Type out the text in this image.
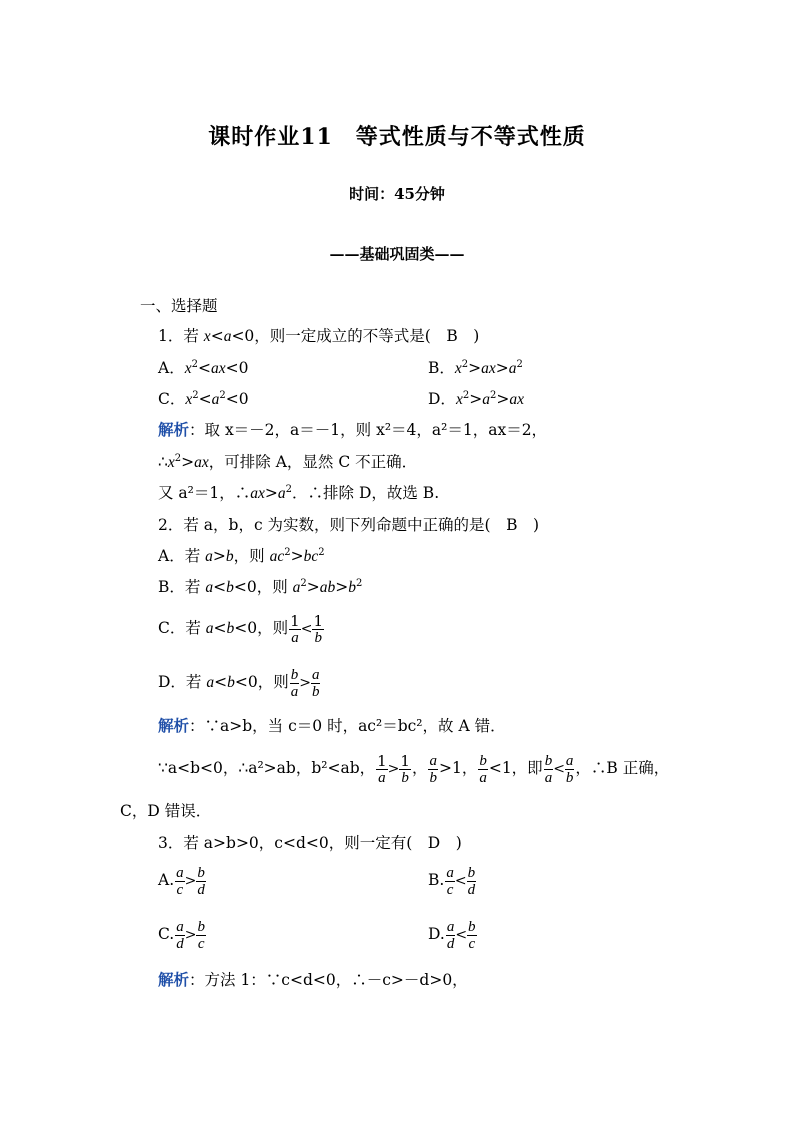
课时作业11　等式性质与不等式性质
时间：45分钟
——基础巩固类——
一、选择题
1．若 x<a<0，则一定成立的不等式是(　B　)
A．$x^2<ax<0$	B．$x^2>ax>a^2$
C．$x^2<a^2<0$	D．$x^2>a^2>ax$
解析：取 x＝－2，a＝－1，则 x²＝4，a²＝1，ax＝2，
$\therefore x^2>ax$，可排除 A，显然 C 不正确．
又 a²＝1，$\therefore ax>a^2$．∴排除 D，故选 B.
2．若 a，b，c 为实数，则下列命题中正确的是(　B　)
A．若 a>b，则 $ac^2>bc^2$
B．若 a<b<0，则 $a^2>ab>b^2$
C．若 a<b<0，则 $\frac{1}{a} < \frac{1}{b}$
D．若 a<b<0，则 $\frac{b}{a} > \frac{a}{b}$
解析：∵a>b，当 c＝0 时，ac²＝bc²，故 A 错．
∵a<b<0，∴a²>ab，b²<ab， $\frac{1}{a} > \frac{1}{b}$ ， $\frac{a}{b} >1$， $\frac{b}{a} <1$，即 $\frac{b}{a} < \frac{a}{b}$ ，∴B 正确，
C，D 错误．
3．若 a>b>0，c<d<0，则一定有(　D　)
A. $\frac{a}{c} > \frac{b}{d}$	B. $\frac{a}{c} < \frac{b}{d}$
C. $\frac{a}{d} > \frac{b}{c}$	D. $\frac{a}{d} < \frac{b}{c}$
解析：方法 1：∵c<d<0，∴－c>－d>0，
